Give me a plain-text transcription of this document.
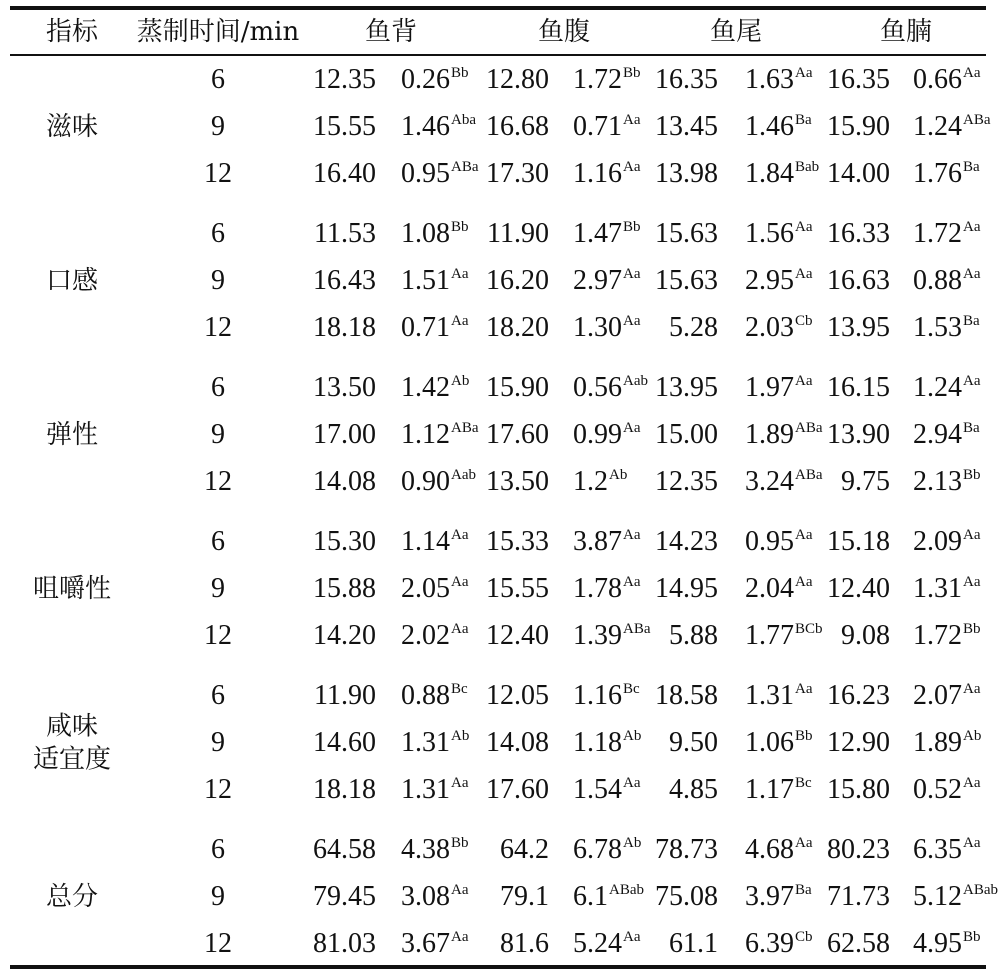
指标 蒸制时间/min	鱼背	鱼腹	鱼尾	鱼腩
滋味
6	12.35 $0.26^{Bb}$ 12.80 $1.72^{Bb}$ 16.35 $1.63^{Aa}$ 16.35 $0.66^{Aa}$
9	15.55 $1.46^{Aba}$ 16.68 $0.71^{Aa}$ 13.45 $1.46^{Ba}$ 15.90 $1.24^{ABa}$
12	16.40 $0.95^{ABa}$ 17.30 $1.16^{Aa}$ 13.98 $1.84^{Bab}$ 14.00 $1.76^{Ba}$
口感
6	11.53 $1.08^{Bb}$ 11.90 $1.47^{Bb}$ 15.63 $1.56^{Aa}$ 16.33 $1.72^{Aa}$
9	16.43 $1.51^{Aa}$ 16.20 $2.97^{Aa}$ 15.63 $2.95^{Aa}$ 16.63 $0.88^{Aa}$
12	18.18 $0.71^{Aa}$ 18.20 $1.30^{Aa}$ 5.28 $2.03^{Cb}$ 13.95 $1.53^{Ba}$
弹性
6	13.50 $1.42^{Ab}$ 15.90 $0.56^{Aab}$ 13.95 $1.97^{Aa}$ 16.15 $1.24^{Aa}$
9	17.00 $1.12^{ABa}$ 17.60 $0.99^{Aa}$ 15.00 $1.89^{ABa}$ 13.90 $2.94^{Ba}$
12	14.08 $0.90^{Aab}$ 13.50 $1.2^{Ab}$ 12.35 $3.24^{ABa}$ 9.75 $2.13^{Bb}$
咀嚼性
6	15.30 $1.14^{Aa}$ 15.33 $3.87^{Aa}$ 14.23 $0.95^{Aa}$ 15.18 $2.09^{Aa}$
9	15.88 $2.05^{Aa}$ 15.55 $1.78^{Aa}$ 14.95 $2.04^{Aa}$ 12.40 $1.31^{Aa}$
12	14.20 $2.02^{Aa}$ 12.40 $1.39^{ABa}$ 5.88 $1.77^{BCb}$ 9.08 $1.72^{Bb}$
咸味
适宜度
6	11.90 $0.88^{Bc}$ 12.05 $1.16^{Bc}$ 18.58 $1.31^{Aa}$ 16.23 $2.07^{Aa}$
9	14.60 $1.31^{Ab}$ 14.08 $1.18^{Ab}$ 9.50 $1.06^{Bb}$ 12.90 $1.89^{Ab}$
12	18.18 $1.31^{Aa}$ 17.60 $1.54^{Aa}$ 4.85 $1.17^{Bc}$ 15.80 $0.52^{Aa}$
总分
6	64.58 $4.38^{Bb}$ 64.2 $6.78^{Ab}$ 78.73 $4.68^{Aa}$ 80.23 $6.35^{Aa}$
9	79.45 $3.08^{Aa}$ 79.1 $6.1^{ABab}$ 75.08 $3.97^{Ba}$ 71.73 $5.12^{ABab}$
12	81.03 $3.67^{Aa}$ 81.6 $5.24^{Aa}$ 61.1 $6.39^{Cb}$ 62.58 $4.95^{Bb}$
